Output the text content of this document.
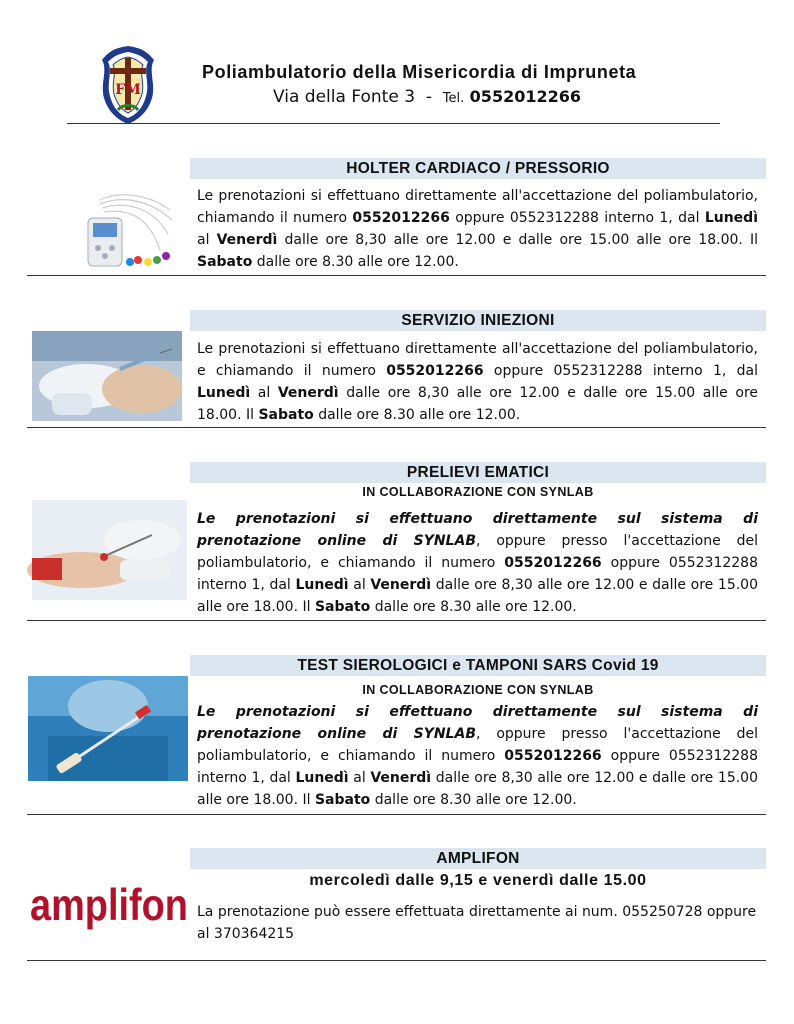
FM
Poliambulatorio della Misericordia di Impruneta
Via della Fonte 3 - Tel. 0552012266
HOLTER CARDIACO / PRESSORIO
Le prenotazioni si effettuano direttamente all'accettazione del poliambulatorio, chiamando il numero 0552012266 oppure 0552312288 interno 1, dal Lunedì al Venerdì dalle ore 8,30 alle ore 12.00 e dalle ore 15.00 alle ore 18.00. Il Sabato dalle ore 8.30 alle ore 12.00.
SERVIZIO INIEZIONI
Le prenotazioni si effettuano direttamente all'accettazione del poliambulatorio, e chiamando il numero 0552012266 oppure 0552312288 interno 1, dal Lunedì al Venerdì dalle ore 8,30 alle ore 12.00 e dalle ore 15.00 alle ore 18.00. Il Sabato dalle ore 8.30 alle ore 12.00.
PRELIEVI EMATICI
IN COLLABORAZIONE CON SYNLAB
Le prenotazioni si effettuano direttamente sul sistema di prenotazione online di SYNLAB, oppure presso l'accettazione del poliambulatorio, e chiamando il numero 0552012266 oppure 0552312288 interno 1, dal Lunedì al Venerdì dalle ore 8,30 alle ore 12.00 e dalle ore 15.00 alle ore 18.00. Il Sabato dalle ore 8.30 alle ore 12.00.
TEST SIEROLOGICI e TAMPONI SARS Covid 19
IN COLLABORAZIONE CON SYNLAB
Le prenotazioni si effettuano direttamente sul sistema di prenotazione online di SYNLAB, oppure presso l'accettazione del poliambulatorio, e chiamando il numero 0552012266 oppure 0552312288 interno 1, dal Lunedì al Venerdì dalle ore 8,30 alle ore 12.00 e dalle ore 15.00 alle ore 18.00. Il Sabato dalle ore 8.30 alle ore 12.00.
AMPLIFON
mercoledì dalle 9,15 e venerdì dalle 15.00
amplifon La prenotazione può essere effettuata direttamente ai num. 055250728 oppure al 370364215
